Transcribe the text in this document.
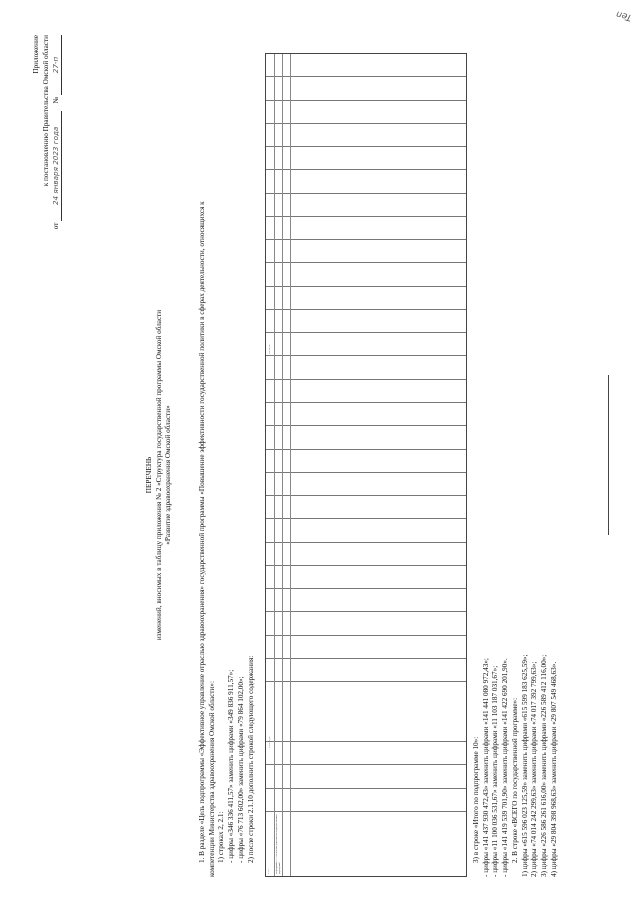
Приложение к постановлению Правительства Омской области
от 24 января 2023 года    № 27-п
ПЕРЕЧЕНЬ изменений, вносимых в таблицу приложения № 2 «Структура государственной программы Омской области «Развитие здравоохранения Омской области»	1. В разделе «Цель подпрограммы «Эффективное управление отраслью здравоохранения» государственной программы «Повышение эффективности государственной политики в сферах деятельности, относящихся к компетенции Министерства здравоохранения Омской области»: 1) строках 2, 2.1: - цифры «346 336 411,57» заменить цифрами «349 836 911,57»; - цифры «76 713 602,00» заменить цифрами «79 864 102,00»; 2) после строки 2.1.10 дополнить строкой следующего содержания:
2.1.11	Мероприятие 11. Обеспечение деятельности подведомственных учреждений
3 500 500,00
3 150 500,00
3) в строке «Итого по подпрограмме 10»: - цифры «141 437 930 472,43» заменить цифрами «141 441 080 972,43»; - цифры «11 100 036 531,67» заменить цифрами «11 103 187 031,67»; - цифры «141 419 539 701,90» заменить цифрами «141 422 690 201,90». 2. В строке «ВСЕГО по государственной программе»: 1) цифры «615 596 023 125,59» заменить цифрами «615 599 183 625,59»; 2) цифры «74 014 242 299,63» заменить цифрами «74 017 392 799,63»; 3) цифры «226 586 261 616,00» заменить цифрами «226 589 412 116,00»; 4) цифры «29 804 398 968,63» заменить цифрами «29 807 549 468,63».
Ten
